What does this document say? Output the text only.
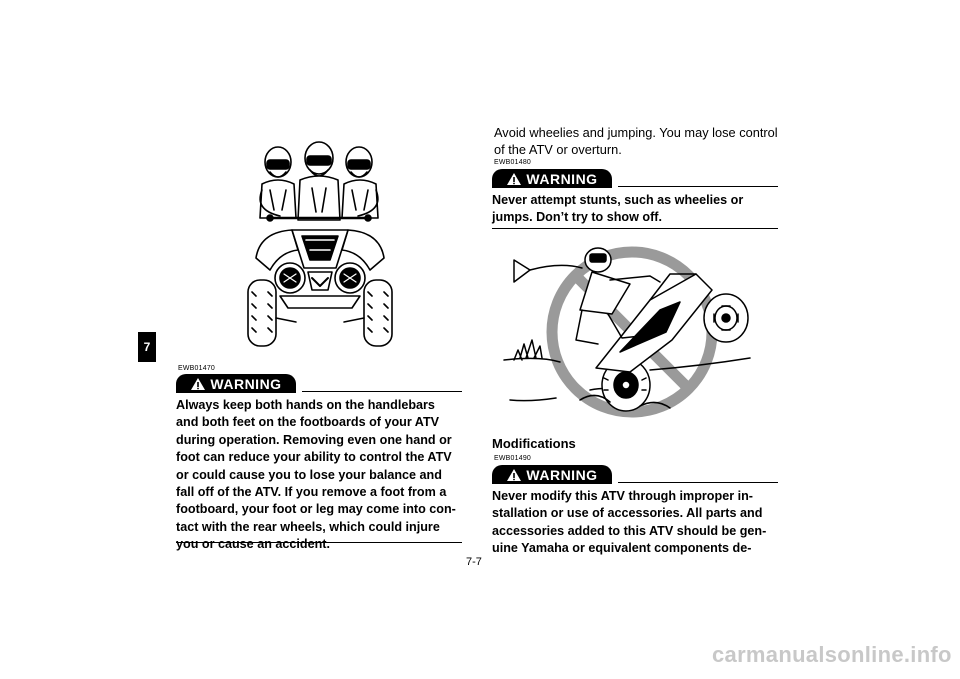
7
EWB01470
WARNING
Always keep both hands on the handlebars
and both feet on the footboards of your ATV
during operation. Removing even one hand or
foot can reduce your ability to control the ATV
or could cause you to lose your balance and
fall off of the ATV. If you remove a foot from a
footboard, your foot or leg may come into con-
tact with the rear wheels, which could injure
you or cause an accident.
Avoid wheelies and jumping. You may lose control
of the ATV or overturn.
EWB01480
WARNING
Never attempt stunts, such as wheelies or
jumps. Don’t try to show off.
Modifications
EWB01490
WARNING
Never modify this ATV through improper in-
stallation or use of accessories. All parts and
accessories added to this ATV should be gen-
uine Yamaha or equivalent components de-
7-7
carmanualsonline.info
